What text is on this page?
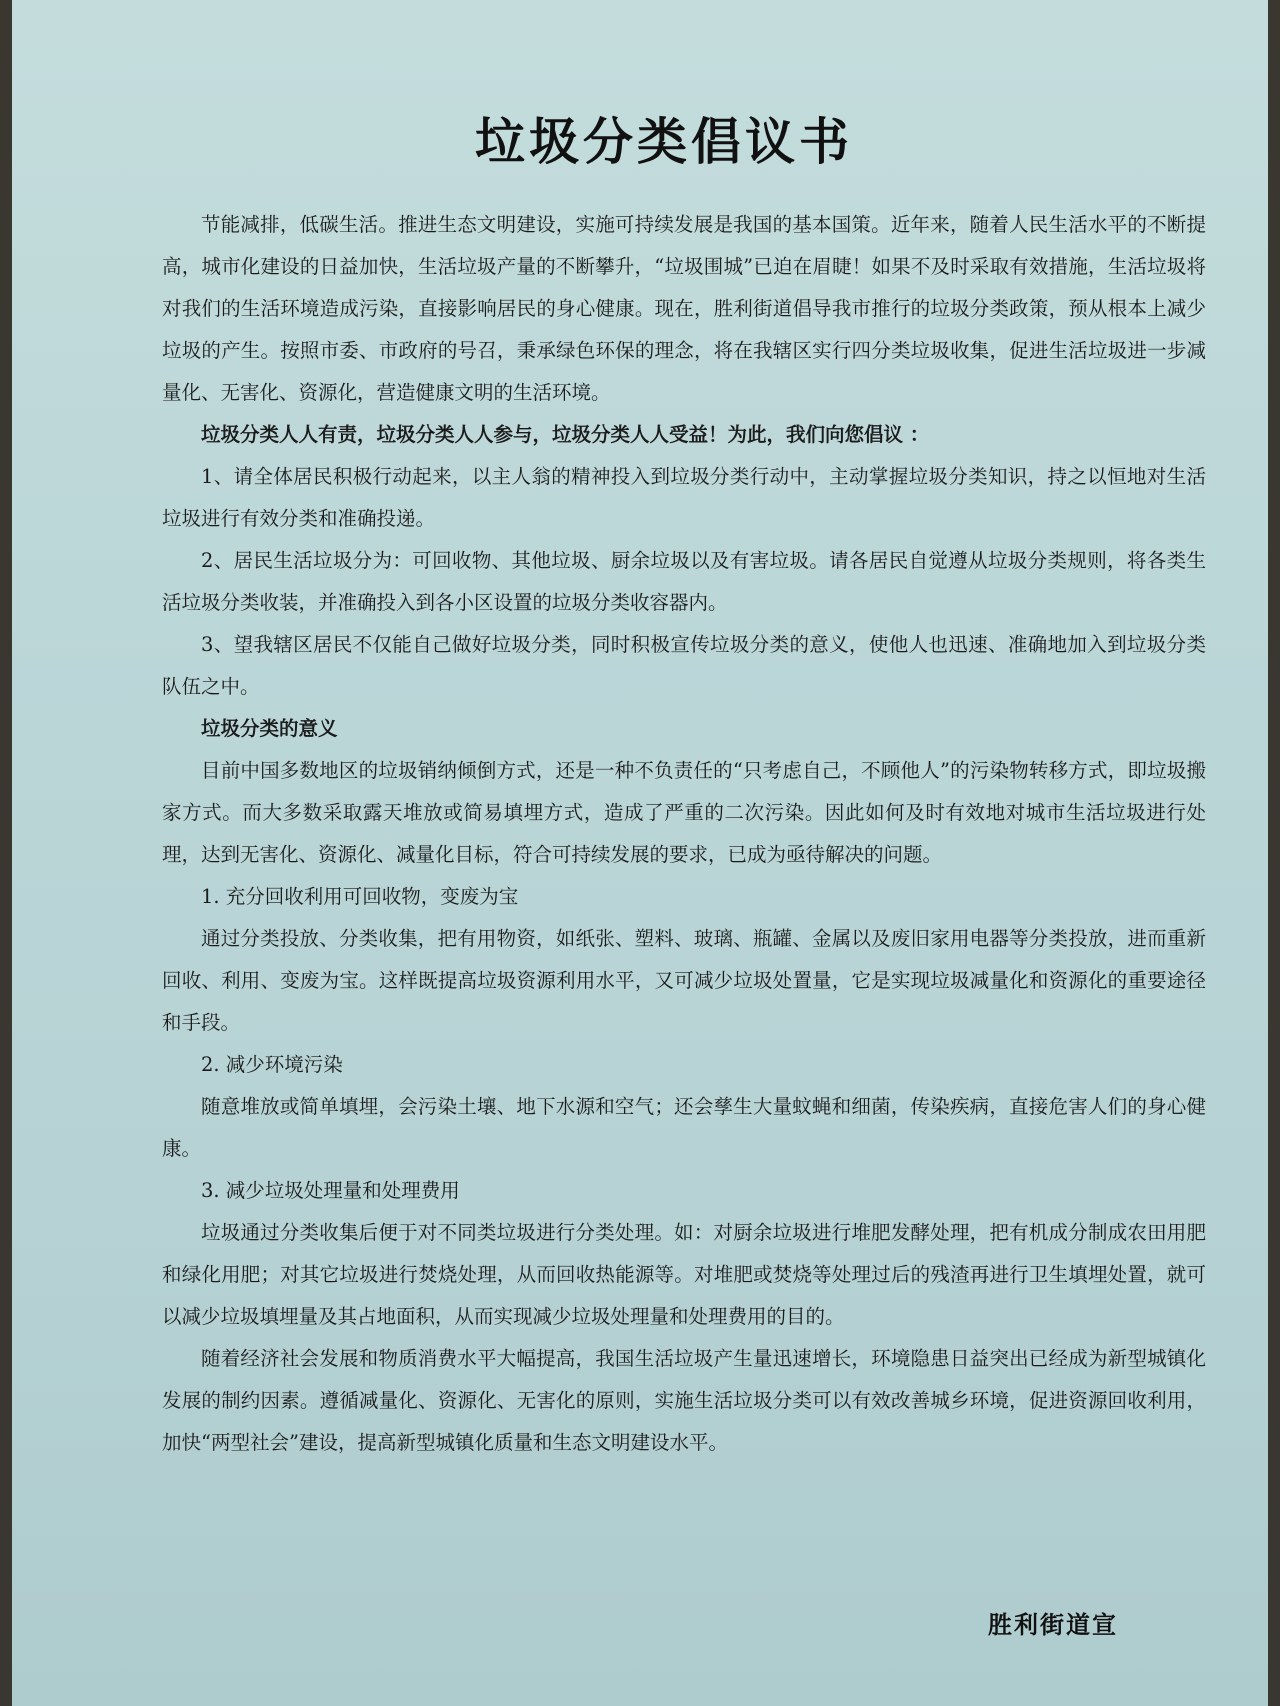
垃圾分类倡议书

节能减排，低碳生活。推进生态文明建设，实施可持续发展是我国的基本国策。近年来，随着人民生活水平的不断提高，城市化建设的日益加快，生活垃圾产量的不断攀升，“垃圾围城”已迫在眉睫！如果不及时采取有效措施，生活垃圾将对我们的生活环境造成污染，直接影响居民的身心健康。现在，胜利街道倡导我市推行的垃圾分类政策，预从根本上减少垃圾的产生。按照市委、市政府的号召，秉承绿色环保的理念，将在我辖区实行四分类垃圾收集，促进生活垃圾进一步减量化、无害化、资源化，营造健康文明的生活环境。

垃圾分类人人有责，垃圾分类人人参与，垃圾分类人人受益！为此，我们向您倡议 ：

1、请全体居民积极行动起来，以主人翁的精神投入到垃圾分类行动中，主动掌握垃圾分类知识，持之以恒地对生活垃圾进行有效分类和准确投递。

2、居民生活垃圾分为：可回收物、其他垃圾、厨余垃圾以及有害垃圾。请各居民自觉遵从垃圾分类规则，将各类生活垃圾分类收装，并准确投入到各小区设置的垃圾分类收容器内。

3、望我辖区居民不仅能自己做好垃圾分类，同时积极宣传垃圾分类的意义，使他人也迅速、准确地加入到垃圾分类队伍之中。

垃圾分类的意义

目前中国多数地区的垃圾销纳倾倒方式，还是一种不负责任的“只考虑自己，不顾他人”的污染物转移方式，即垃圾搬家方式。而大多数采取露天堆放或简易填埋方式，造成了严重的二次污染。因此如何及时有效地对城市生活垃圾进行处理，达到无害化、资源化、减量化目标，符合可持续发展的要求，已成为亟待解决的问题。

1. 充分回收利用可回收物，变废为宝

通过分类投放、分类收集，把有用物资，如纸张、塑料、玻璃、瓶罐、金属以及废旧家用电器等分类投放，进而重新回收、利用、变废为宝。这样既提高垃圾资源利用水平，又可减少垃圾处置量，它是实现垃圾减量化和资源化的重要途径和手段。

2. 减少环境污染

随意堆放或简单填埋，会污染土壤、地下水源和空气；还会孳生大量蚊蝇和细菌，传染疾病，直接危害人们的身心健康。

3. 减少垃圾处理量和处理费用

垃圾通过分类收集后便于对不同类垃圾进行分类处理。如：对厨余垃圾进行堆肥发酵处理，把有机成分制成农田用肥和绿化用肥；对其它垃圾进行焚烧处理，从而回收热能源等。对堆肥或焚烧等处理过后的残渣再进行卫生填埋处置，就可以减少垃圾填埋量及其占地面积，从而实现减少垃圾处理量和处理费用的目的。

随着经济社会发展和物质消费水平大幅提高，我国生活垃圾产生量迅速增长，环境隐患日益突出已经成为新型城镇化发展的制约因素。遵循减量化、资源化、无害化的原则，实施生活垃圾分类可以有效改善城乡环境，促进资源回收利用，加快“两型社会”建设，提高新型城镇化质量和生态文明建设水平。

胜利街道宣
